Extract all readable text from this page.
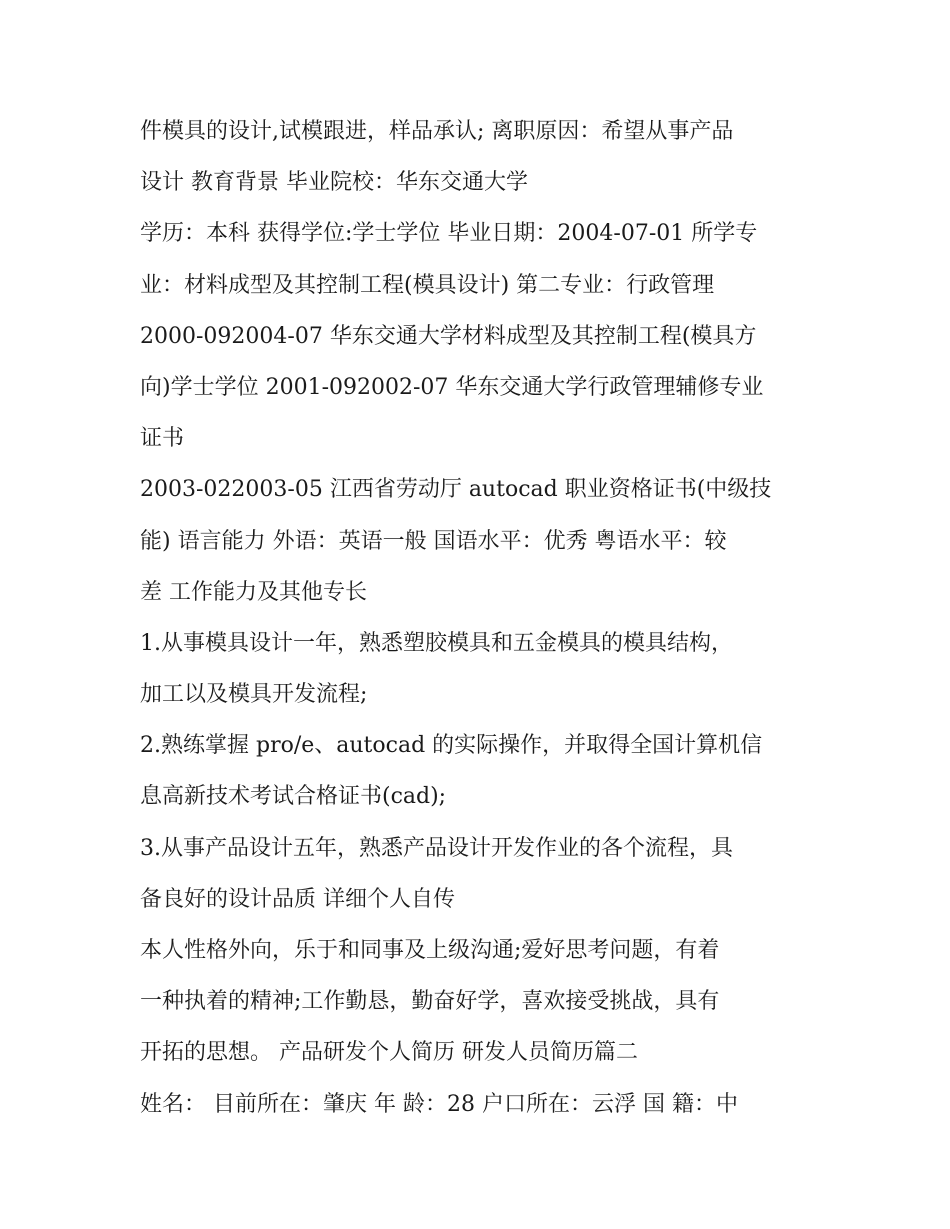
件模具的设计,试模跟进，样品承认; 离职原因：希望从事产品
设计 教育背景 毕业院校：华东交通大学
学历：本科 获得学位:学士学位 毕业日期：2004-07-01 所学专
业：材料成型及其控制工程(模具设计) 第二专业：行政管理
2000-092004-07 华东交通大学材料成型及其控制工程(模具方
向)学士学位 2001-092002-07 华东交通大学行政管理辅修专业
证书
2003-022003-05 江西省劳动厅 autocad 职业资格证书(中级技
能) 语言能力 外语：英语一般 国语水平：优秀 粤语水平：较
差 工作能力及其他专长
1.从事模具设计一年，熟悉塑胶模具和五金模具的模具结构，
加工以及模具开发流程;
2.熟练掌握 pro/e、autocad 的实际操作，并取得全国计算机信
息高新技术考试合格证书(cad);
3.从事产品设计五年，熟悉产品设计开发作业的各个流程，具
备良好的设计品质 详细个人自传
本人性格外向，乐于和同事及上级沟通;爱好思考问题，有着
一种执着的精神;工作勤恳，勤奋好学，喜欢接受挑战，具有
开拓的思想。 产品研发个人简历 研发人员简历篇二
姓名： 目前所在：肇庆 年 龄：28 户口所在：云浮 国 籍：中
